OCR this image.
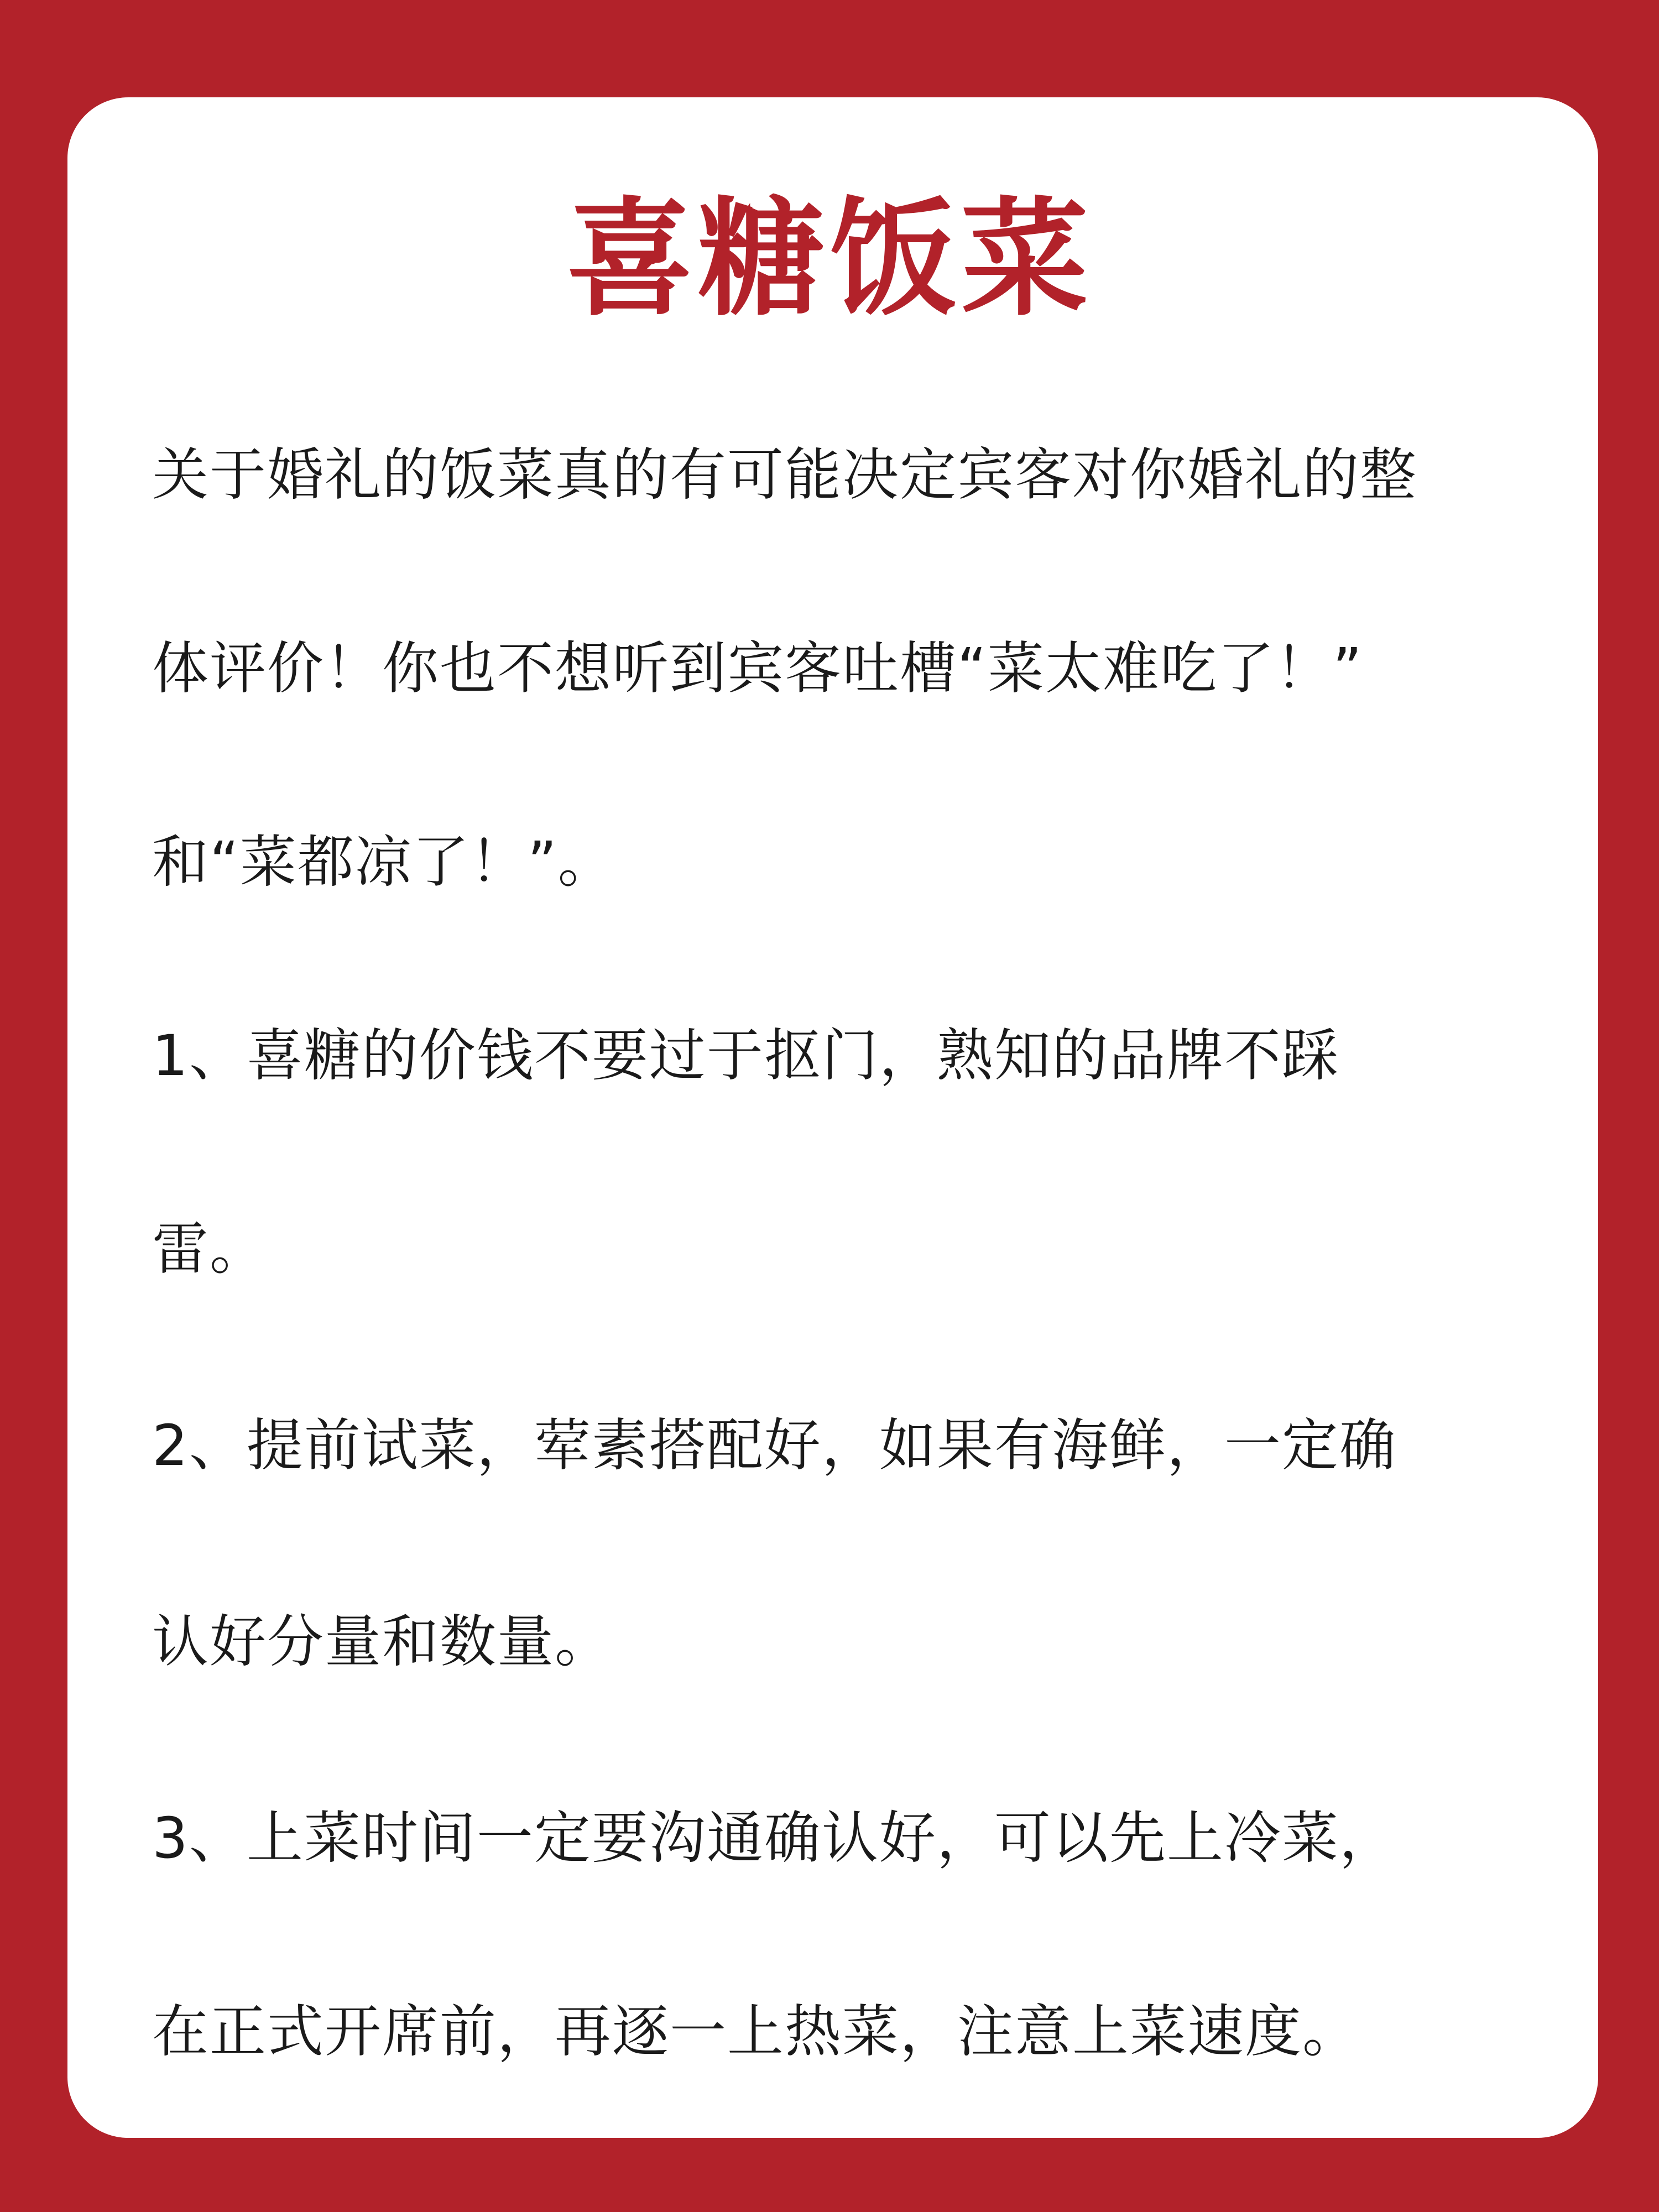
喜糖饭菜
关于婚礼的饭菜真的有可能决定宾客对你婚礼的整
体评价！你也不想听到宾客吐槽“菜太难吃了！”
和“菜都凉了！”。
1、喜糖的价钱不要过于抠门，熟知的品牌不踩
雷。
2、提前试菜，荤素搭配好，如果有海鲜，一定确
认好分量和数量。
3、上菜时间一定要沟通确认好，可以先上冷菜，
在正式开席前，再逐一上热菜，注意上菜速度。
